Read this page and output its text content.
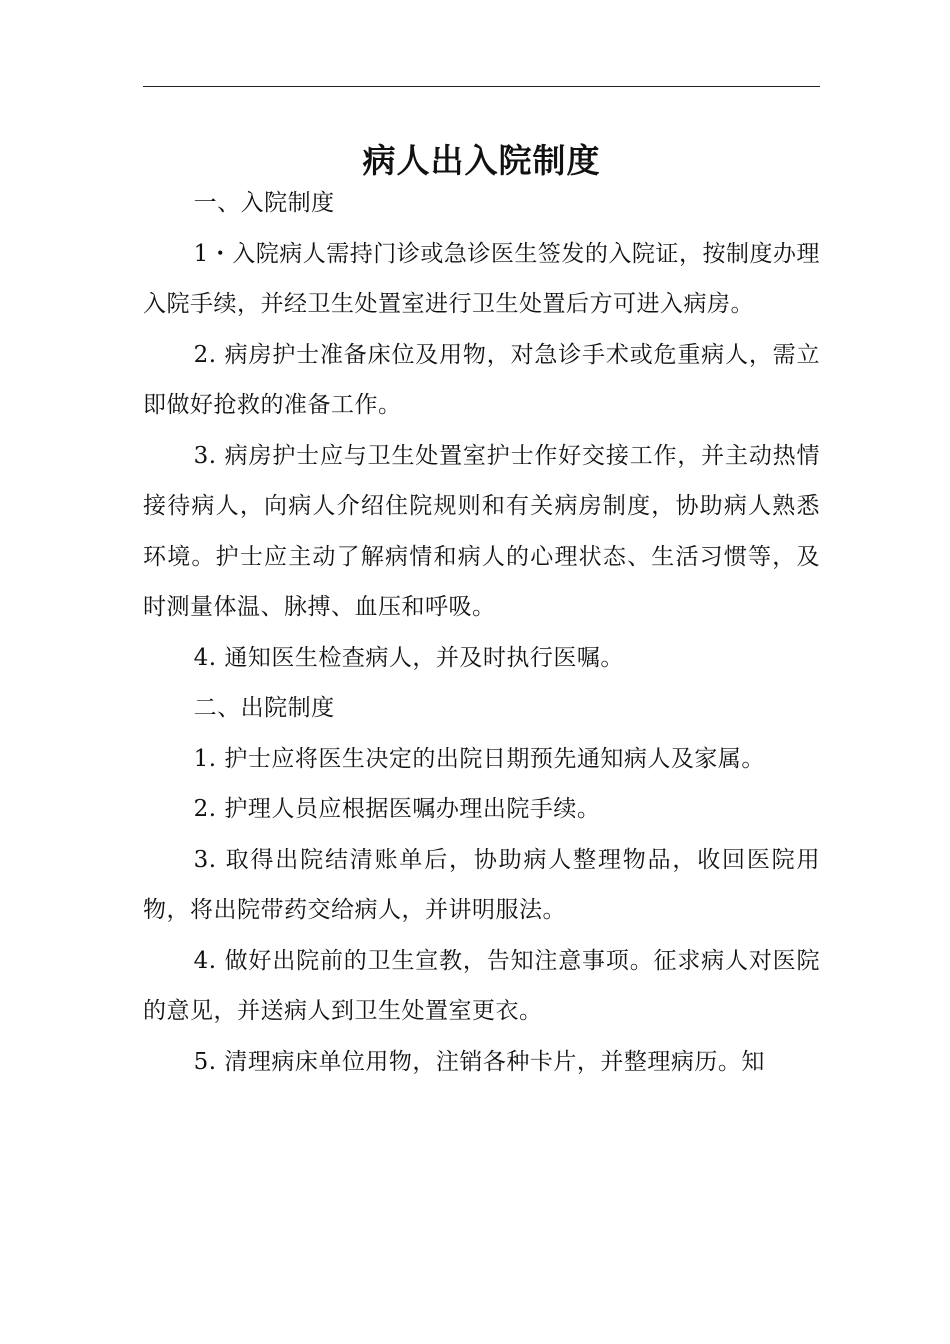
病人出入院制度

一、入院制度

1・入院病人需持门诊或急诊医生签发的入院证，按制度办理入院手续，并经卫生处置室进行卫生处置后方可进入病房。

2. 病房护士准备床位及用物，对急诊手术或危重病人，需立即做好抢救的准备工作。

3. 病房护士应与卫生处置室护士作好交接工作，并主动热情接待病人，向病人介绍住院规则和有关病房制度，协助病人熟悉环境。护士应主动了解病情和病人的心理状态、生活习惯等，及时测量体温、脉搏、血压和呼吸。

4. 通知医生检查病人，并及时执行医嘱。

二、出院制度

1. 护士应将医生决定的出院日期预先通知病人及家属。

2. 护理人员应根据医嘱办理出院手续。

3. 取得出院结清账单后，协助病人整理物品，收回医院用物，将出院带药交给病人，并讲明服法。

4. 做好出院前的卫生宣教，告知注意事项。征求病人对医院的意见，并送病人到卫生处置室更衣。

5. 清理病床单位用物，注销各种卡片，并整理病历。知
